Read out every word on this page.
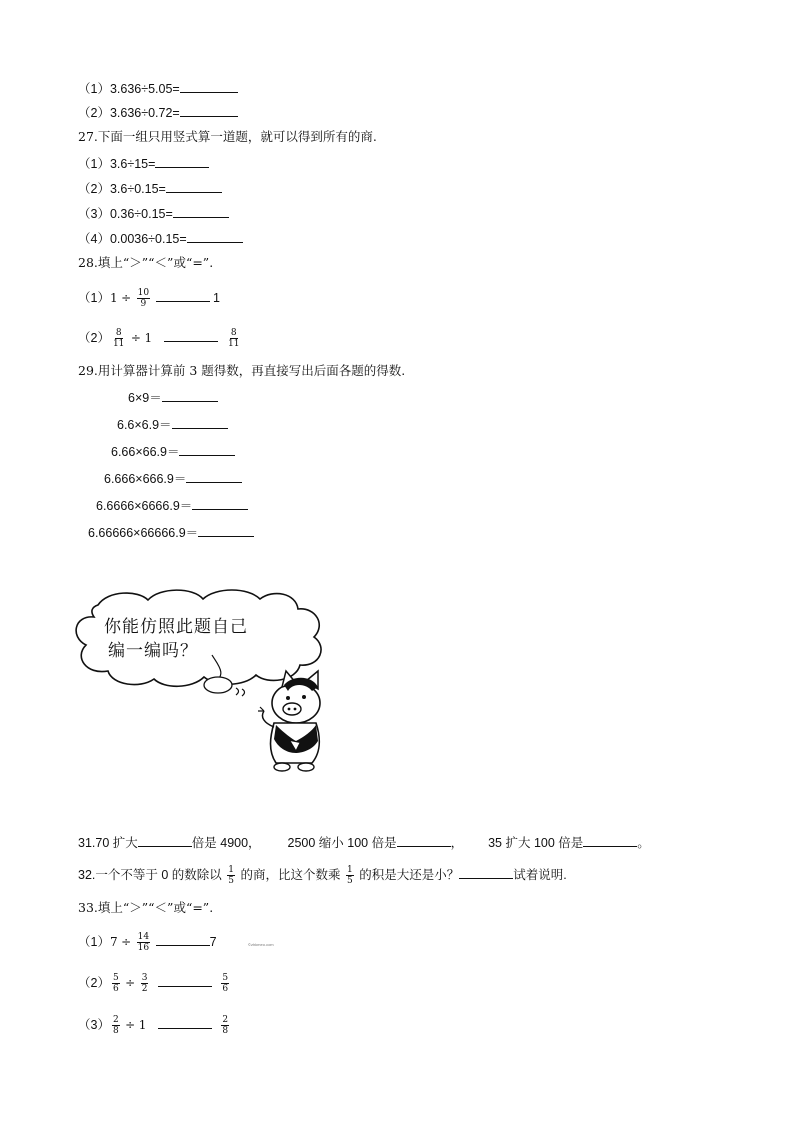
（1）3.636÷5.05=
（2）3.636÷0.72=
27.下面一组只用竖式算一道题，就可以得到所有的商.
（1）3.6÷15=
（2）3.6÷0.15=
（3）0.36÷0.15=
（4）0.0036÷0.15=
28.填上“＞”“＜”或“=”.
$(1)1 \div \frac{10}{9}$	1
$(2) \frac{8}{11} \div 1$	$\frac{8}{11}$
29.用计算器计算前 3 题得数，再直接写出后面各题的得数.
6×9＝
6.6×6.9＝
6.66×66.9＝
6.666×666.9＝
6.6666×6666.9＝
6.66666×66666.9＝
你能仿照此题自己
编一编吗？
31.70 扩大	倍是 4900， 2500 缩小 100 倍是	， 35 扩大 100 倍是	。
32.一个不等于 0 的数除以 $\frac{1}{5}$ 的商，比这个数乘 $\frac{1}{5}$ 的积是大还是小？	试着说明.
33.填上“＞”“＜”或“=”.
$(1)7 \div \frac{14}{16}$	7	©zhkmeo.com
$(2) \frac{5}{6} \div \frac{3}{2}$
	$\frac{5}{6}$
$(3) \frac{2}{8} \div 1$	$\frac{2}{8}$
